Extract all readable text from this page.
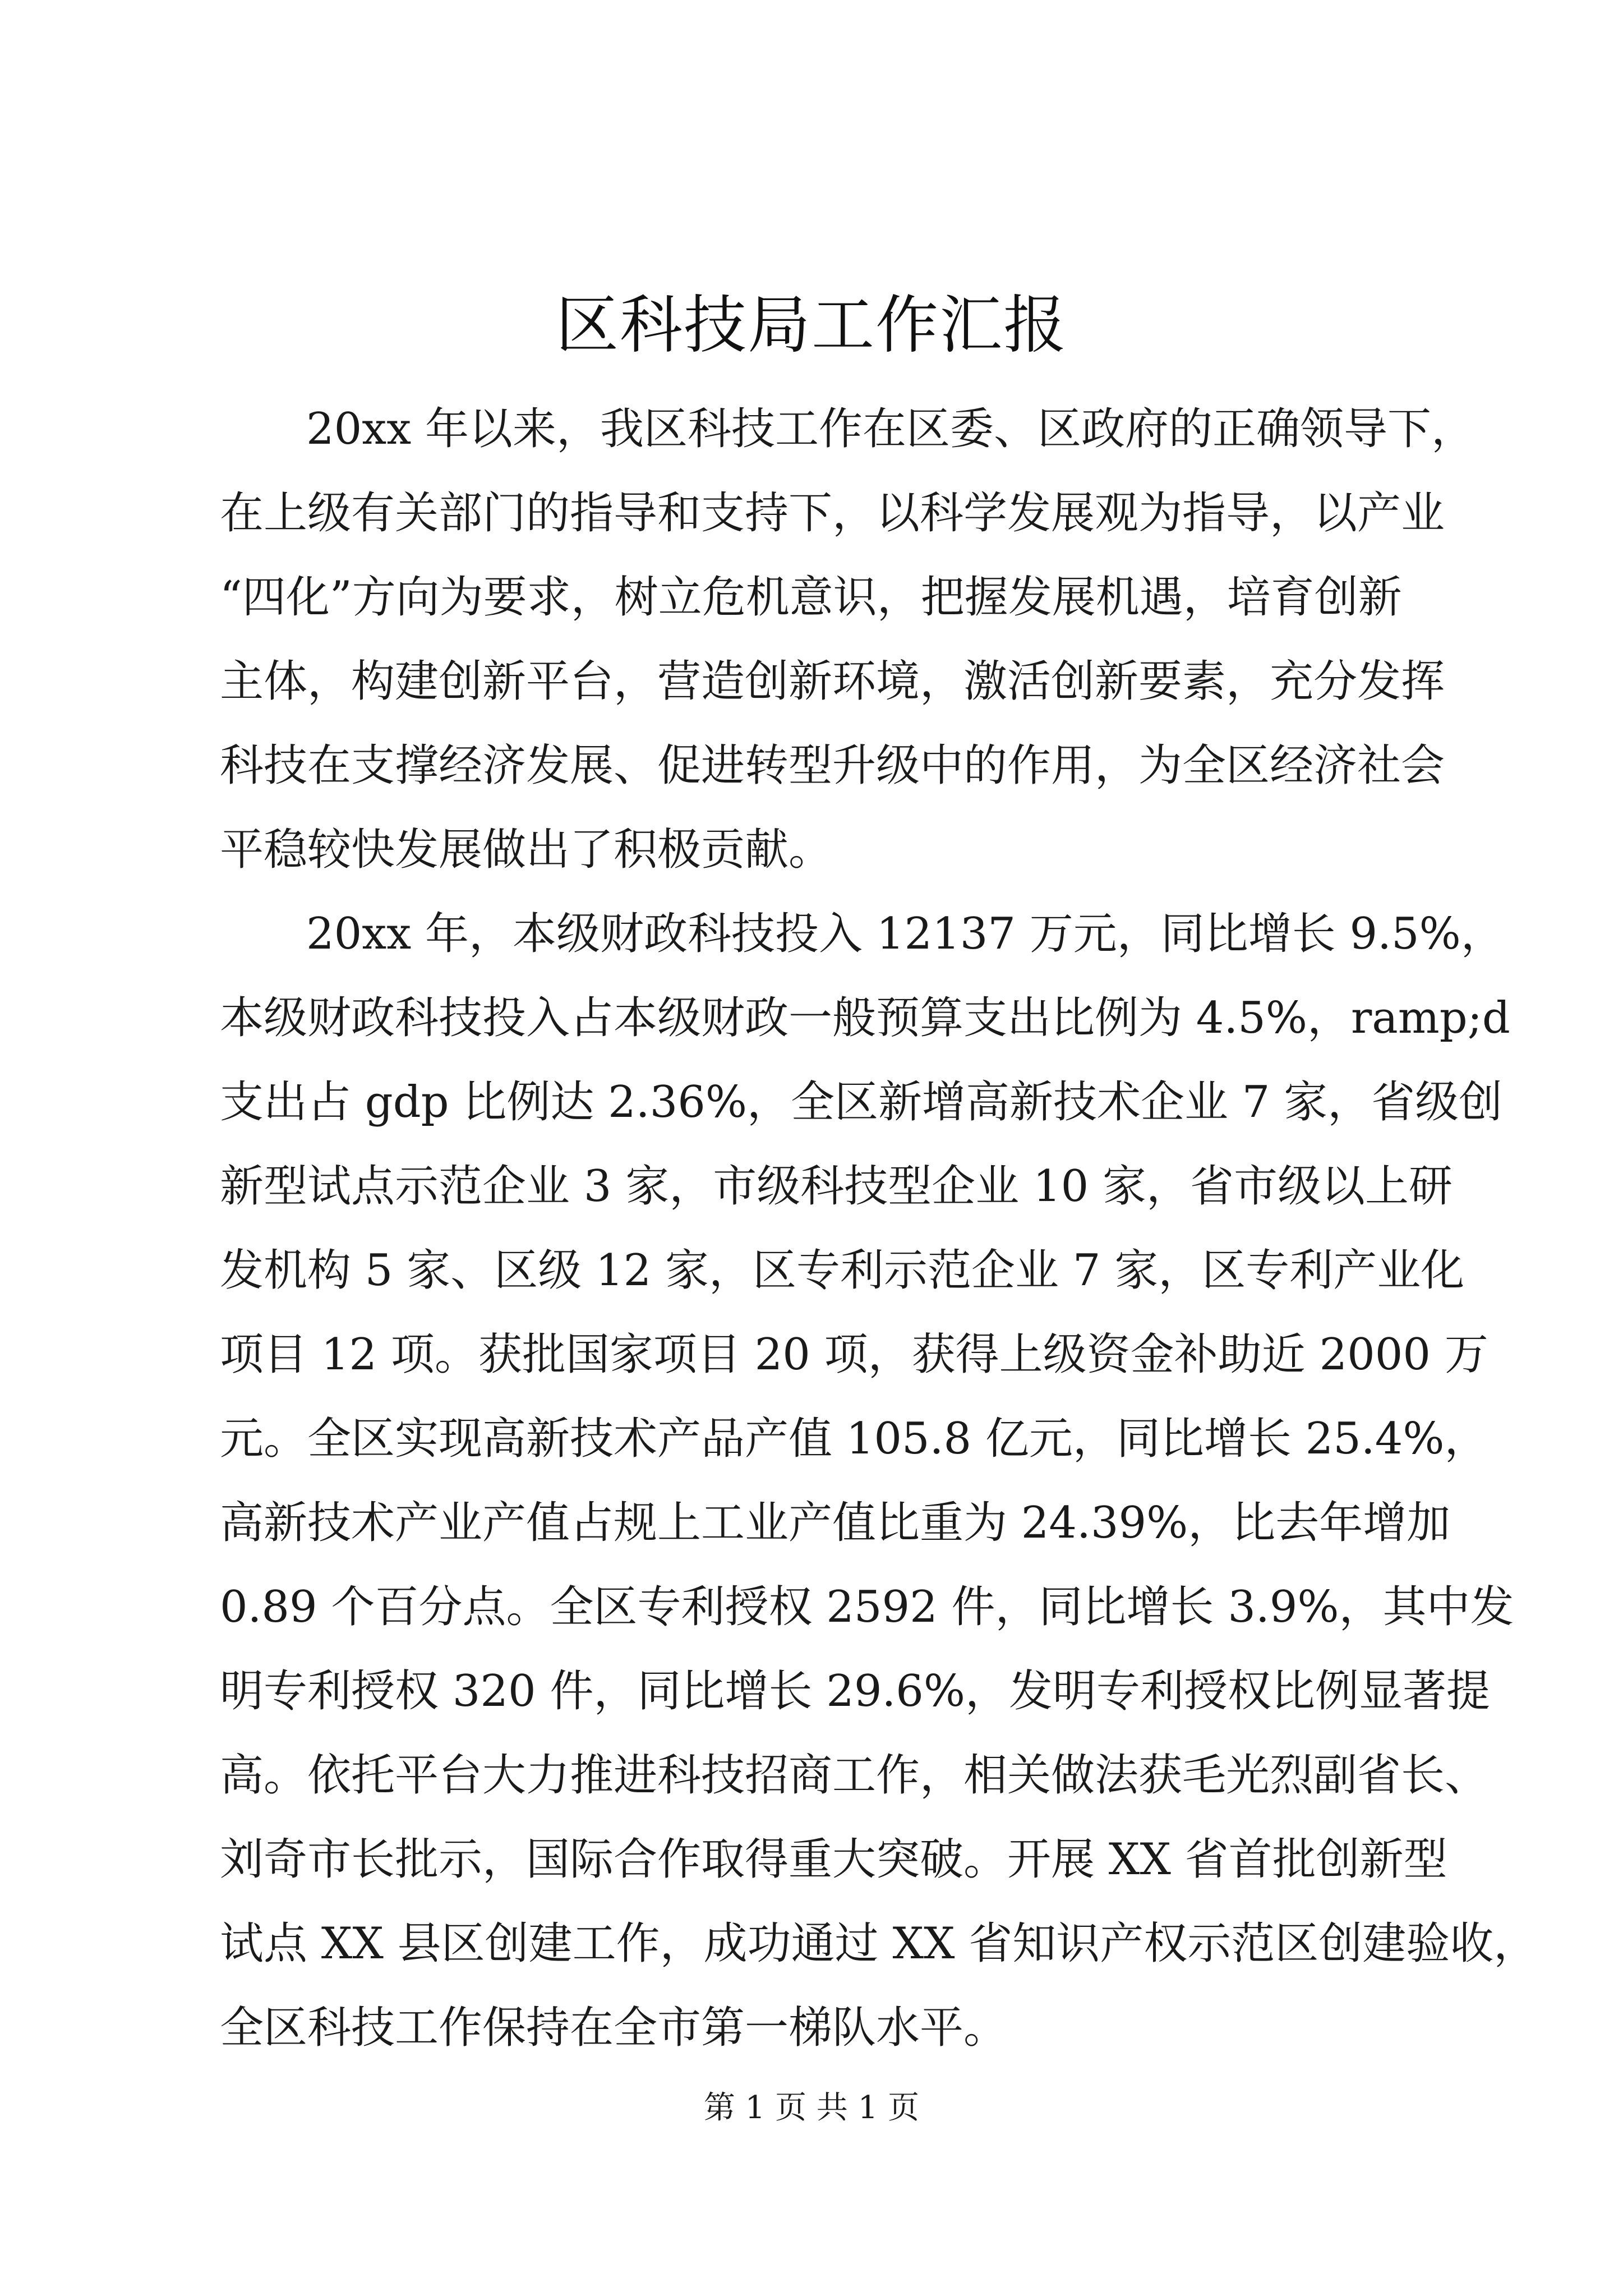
区科技局工作汇报

20xx 年以来，我区科技工作在区委、区政府的正确领导下，

在上级有关部门的指导和支持下，以科学发展观为指导，以产业

“四化”方向为要求，树立危机意识，把握发展机遇，培育创新

主体，构建创新平台，营造创新环境，激活创新要素，充分发挥

科技在支撑经济发展、促进转型升级中的作用，为全区经济社会

平稳较快发展做出了积极贡献。

20xx 年，本级财政科技投入 12137 万元，同比增长 9.5%，

本级财政科技投入占本级财政一般预算支出比例为 4.5%，ramp;d

支出占 gdp 比例达 2.36%，全区新增高新技术企业 7 家，省级创

新型试点示范企业 3 家，市级科技型企业 10 家，省市级以上研

发机构 5 家、区级 12 家，区专利示范企业 7 家，区专利产业化

项目 12 项。获批国家项目 20 项，获得上级资金补助近 2000 万

元。全区实现高新技术产品产值 105.8 亿元，同比增长 25.4%，

高新技术产业产值占规上工业产值比重为 24.39%，比去年增加

0.89 个百分点。全区专利授权 2592 件，同比增长 3.9%，其中发

明专利授权 320 件，同比增长 29.6%，发明专利授权比例显著提

高。依托平台大力推进科技招商工作，相关做法获毛光烈副省长、

刘奇市长批示，国际合作取得重大突破。开展 XX 省首批创新型

试点 XX 县区创建工作，成功通过 XX 省知识产权示范区创建验收，

全区科技工作保持在全市第一梯队水平。

第 1 页 共 1 页
